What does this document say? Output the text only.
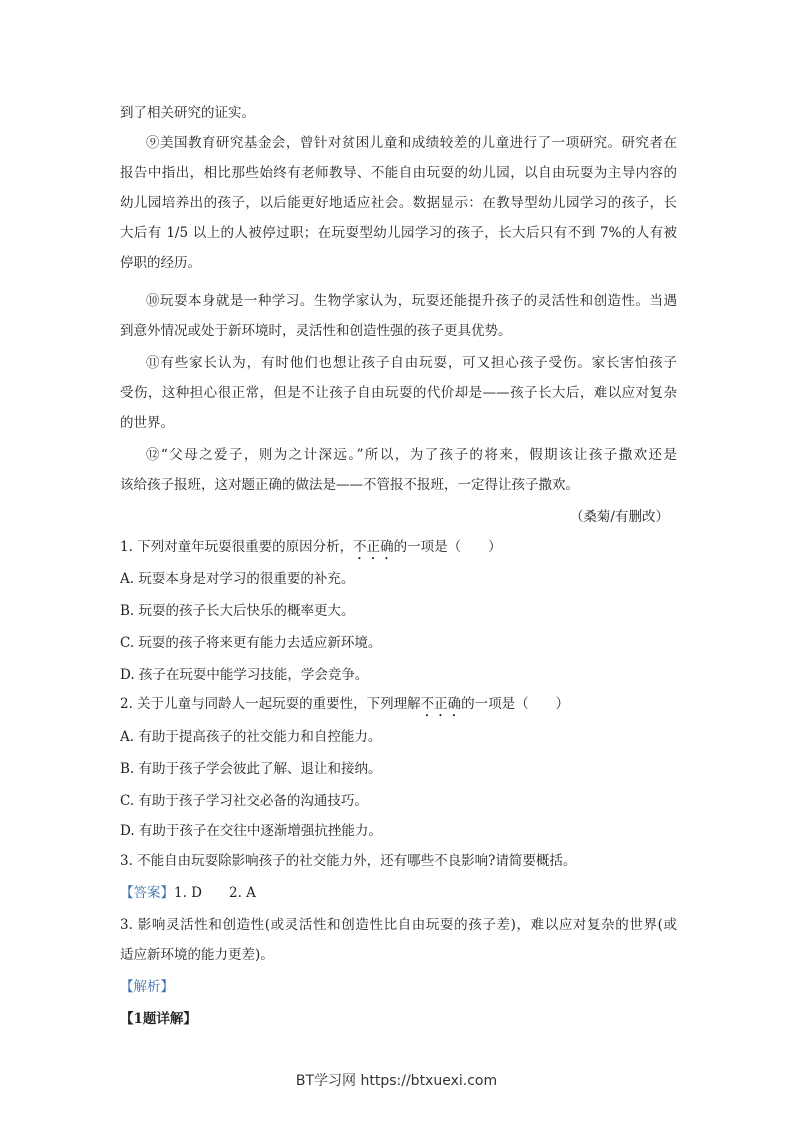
到了相关研究的证实。
⑨美国教育研究基金会，曾针对贫困儿童和成绩较差的儿童进行了一项研究。研究者在
报告中指出，相比那些始终有老师教导、不能自由玩耍的幼儿园，以自由玩耍为主导内容的
幼儿园培养出的孩子，以后能更好地适应社会。数据显示：在教导型幼儿园学习的孩子，长
大后有 1/5 以上的人被停过职；在玩耍型幼儿园学习的孩子，长大后只有不到 7%的人有被
停职的经历。
⑩玩耍本身就是一种学习。生物学家认为，玩耍还能提升孩子的灵活性和创造性。当遇
到意外情况或处于新环境时，灵活性和创造性强的孩子更具优势。
⑪有些家长认为，有时他们也想让孩子自由玩耍，可又担心孩子受伤。家长害怕孩子
受伤，这种担心很正常，但是不让孩子自由玩耍的代价却是——孩子长大后，难以应对复杂
的世界。
⑫“父母之爱子，则为之计深远。”所以，为了孩子的将来，假期该让孩子撒欢还是
该给孩子报班，这对题正确的做法是——不管报不报班，一定得让孩子撒欢。
（桑菊/有删改）
1. 下列对童年玩耍很重要的原因分析，不正确的一项是（　　）
A. 玩耍本身是对学习的很重要的补充。
B. 玩耍的孩子长大后快乐的概率更大。
C. 玩耍的孩子将来更有能力去适应新环境。
D. 孩子在玩耍中能学习技能，学会竞争。
2. 关于儿童与同龄人一起玩耍的重要性，下列理解不正确的一项是（　　）
A. 有助于提高孩子的社交能力和自控能力。
B. 有助于孩子学会彼此了解、退让和接纳。
C. 有助于孩子学习社交必备的沟通技巧。
D. 有助于孩子在交往中逐渐增强抗挫能力。
3. 不能自由玩耍除影响孩子的社交能力外，还有哪些不良影响?请简要概括。
【答案】1. D　　2. A
3. 影响灵活性和创造性(或灵活性和创造性比自由玩耍的孩子差)，难以应对复杂的世界(或
适应新环境的能力更差)。
【解析】
【1题详解】
BT学习网 https://btxuexi.com
